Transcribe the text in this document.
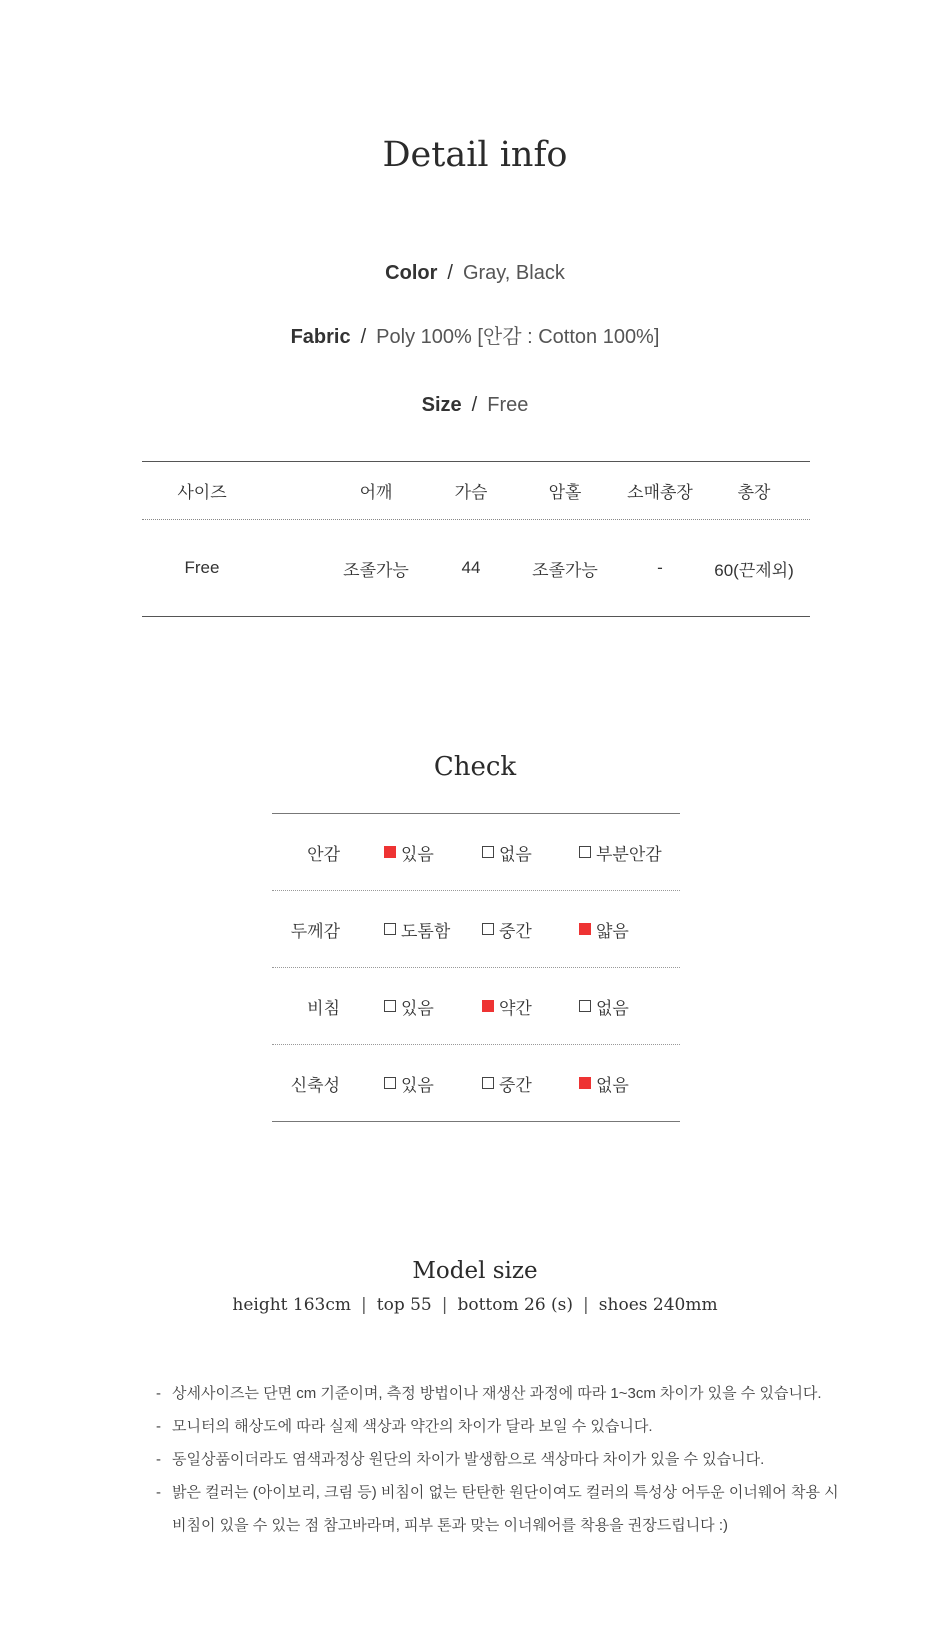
Detail info
Color / Gray, Black
Fabric / Poly 100% [안감 : Cotton 100%]
Size / Free
사이즈	어깨	가슴	암홀	소매총장	총장
Free	조졸가능	44	조졸가능	-	60(끈제외)
Check
안감	있음	없음	부분안감
두께감	도톰함	중간	얇음
비침	있음	약간	없음
신축성	있음	중간	없음
Model size
height 163cm | top 55 | bottom 26 (s) | shoes 240mm
- 상세사이즈는 단면 cm 기준이며, 측정 방법이나 재생산 과정에 따라 1~3cm 차이가 있을 수 있습니다.
- 모니터의 해상도에 따라 실제 색상과 약간의 차이가 달라 보일 수 있습니다.
- 동일상품이더라도 염색과정상 원단의 차이가 발생함으로 색상마다 차이가 있을 수 있습니다.
- 밝은 컬러는 (아이보리, 크림 등) 비침이 없는 탄탄한 원단이여도 컬러의 특성상 어두운 이너웨어 착용 시
비침이 있을 수 있는 점 참고바라며, 피부 톤과 맞는 이너웨어를 착용을 권장드립니다 :)
